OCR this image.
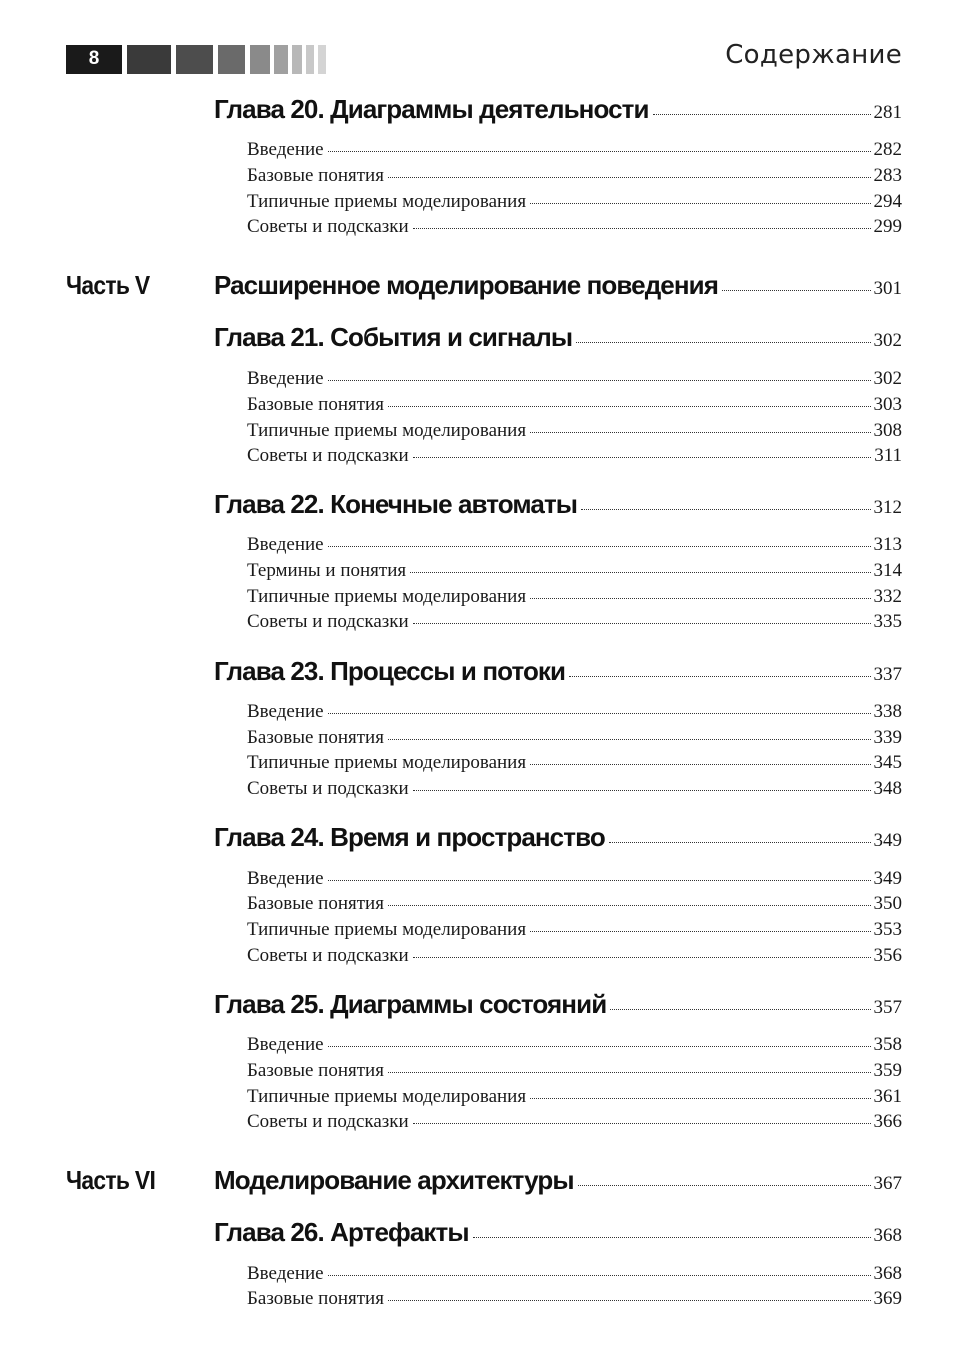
8	Содержание
Глава 20. Диаграммы деятельности	281
Введение	282
Базовые понятия	283
Типичные приемы моделирования	294
Советы и подсказки	299
Часть V Расширенное моделирование поведения	301
Глава 21. События и сигналы	302
Введение	302
Базовые понятия	303
Типичные приемы моделирования	308
Советы и подсказки	311
Глава 22. Конечные автоматы	312
Введение	313
Термины и понятия	314
Типичные приемы моделирования	332
Советы и подсказки	335
Глава 23. Процессы и потоки	337
Введение	338
Базовые понятия	339
Типичные приемы моделирования	345
Советы и подсказки	348
Глава 24. Время и пространство	349
Введение	349
Базовые понятия	350
Типичные приемы моделирования	353
Советы и подсказки	356
Глава 25. Диаграммы состояний	357
Введение	358
Базовые понятия	359
Типичные приемы моделирования	361
Советы и подсказки	366
Часть VI Моделирование архитектуры	367
Глава 26. Артефакты	368
Введение	368
Базовые понятия	369
